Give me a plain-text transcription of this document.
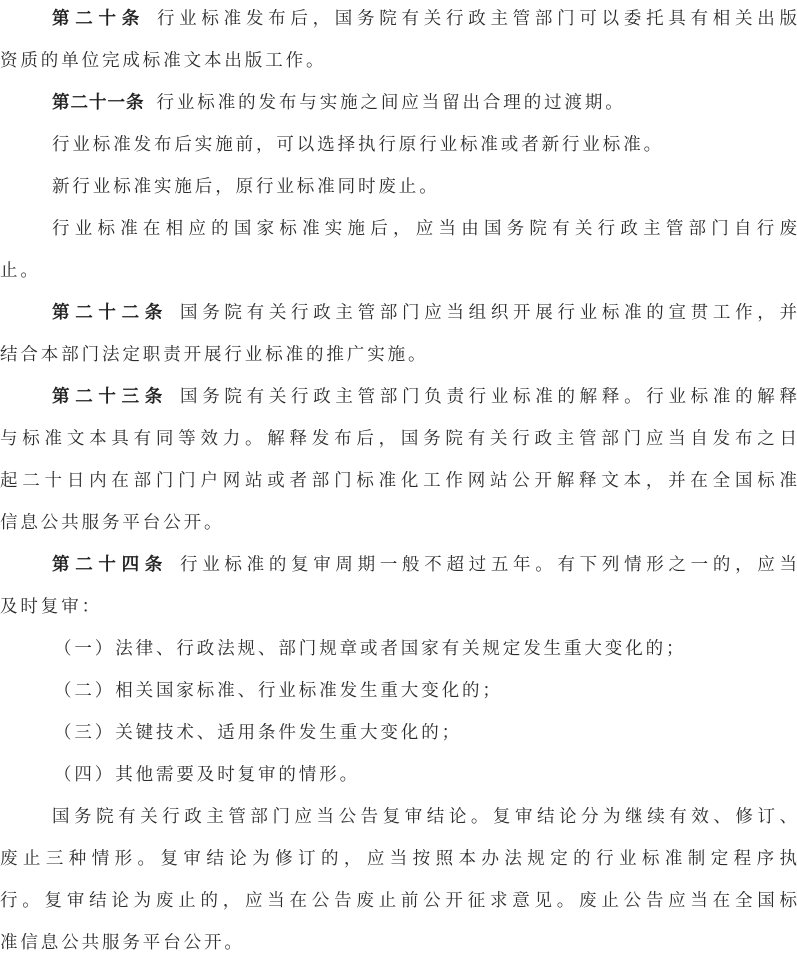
第二十条 行业标准发布后，国务院有关行政主管部门可以委托具有相关出版
资质的单位完成标准文本出版工作。
第二十一条 行业标准的发布与实施之间应当留出合理的过渡期。
行业标准发布后实施前，可以选择执行原行业标准或者新行业标准。
新行业标准实施后，原行业标准同时废止。
行业标准在相应的国家标准实施后，应当由国务院有关行政主管部门自行废
止。
第二十二条 国务院有关行政主管部门应当组织开展行业标准的宣贯工作，并
结合本部门法定职责开展行业标准的推广实施。
第二十三条 国务院有关行政主管部门负责行业标准的解释。行业标准的解释
与标准文本具有同等效力。解释发布后，国务院有关行政主管部门应当自发布之日
起二十日内在部门门户网站或者部门标准化工作网站公开解释文本，并在全国标准
信息公共服务平台公开。
第二十四条 行业标准的复审周期一般不超过五年。有下列情形之一的，应当
及时复审：
（一）法律、行政法规、部门规章或者国家有关规定发生重大变化的；
（二）相关国家标准、行业标准发生重大变化的；
（三）关键技术、适用条件发生重大变化的；
（四）其他需要及时复审的情形。
国务院有关行政主管部门应当公告复审结论。复审结论分为继续有效、修订、
废止三种情形。复审结论为修订的，应当按照本办法规定的行业标准制定程序执
行。复审结论为废止的，应当在公告废止前公开征求意见。废止公告应当在全国标
准信息公共服务平台公开。
